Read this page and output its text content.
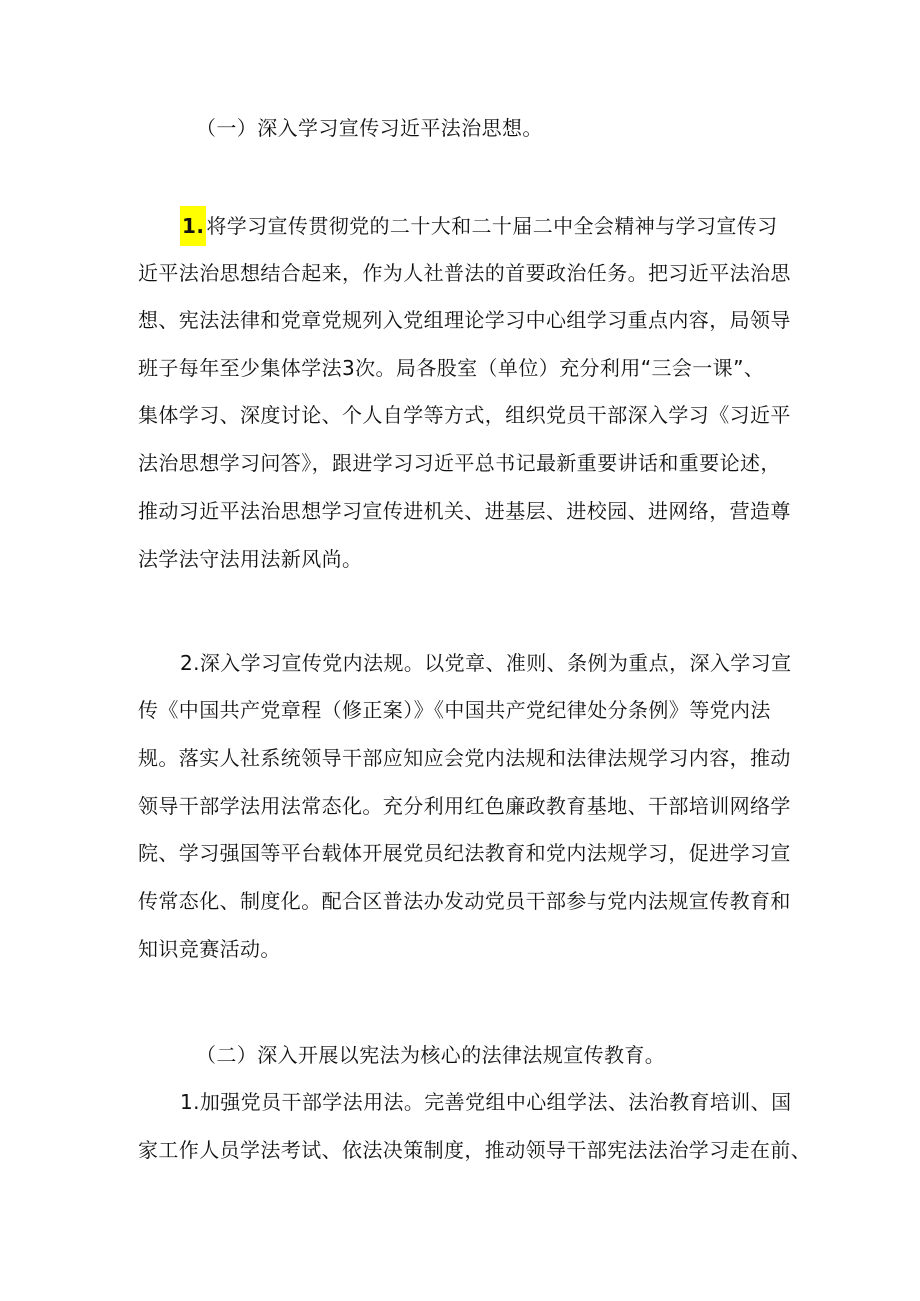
（一）深入学习宣传习近平法治思想。
1. 将学习宣传贯彻党的二十大和二十届二中全会精神与学习宣传习
近平法治思想结合起来，作为人社普法的首要政治任务。把习近平法治思
想、宪法法律和党章党规列入党组理论学习中心组学习重点内容，局领导
班子每年至少集体学法3次。局各股室（单位）充分利用“三会一课”、
集体学习、深度讨论、个人自学等方式，组织党员干部深入学习《习近平
法治思想学习问答》，跟进学习习近平总书记最新重要讲话和重要论述，
推动习近平法治思想学习宣传进机关、进基层、进校园、进网络，营造尊
法学法守法用法新风尚。
2.深入学习宣传党内法规。以党章、准则、条例为重点，深入学习宣
传《中国共产党章程（修正案）》《中国共产党纪律处分条例》等党内法
规。落实人社系统领导干部应知应会党内法规和法律法规学习内容，推动
领导干部学法用法常态化。充分利用红色廉政教育基地、干部培训网络学
院、学习强国等平台载体开展党员纪法教育和党内法规学习，促进学习宣
传常态化、制度化。配合区普法办发动党员干部参与党内法规宣传教育和
知识竞赛活动。
（二）深入开展以宪法为核心的法律法规宣传教育。
1.加强党员干部学法用法。完善党组中心组学法、法治教育培训、国
家工作人员学法考试、依法决策制度，推动领导干部宪法法治学习走在前、
